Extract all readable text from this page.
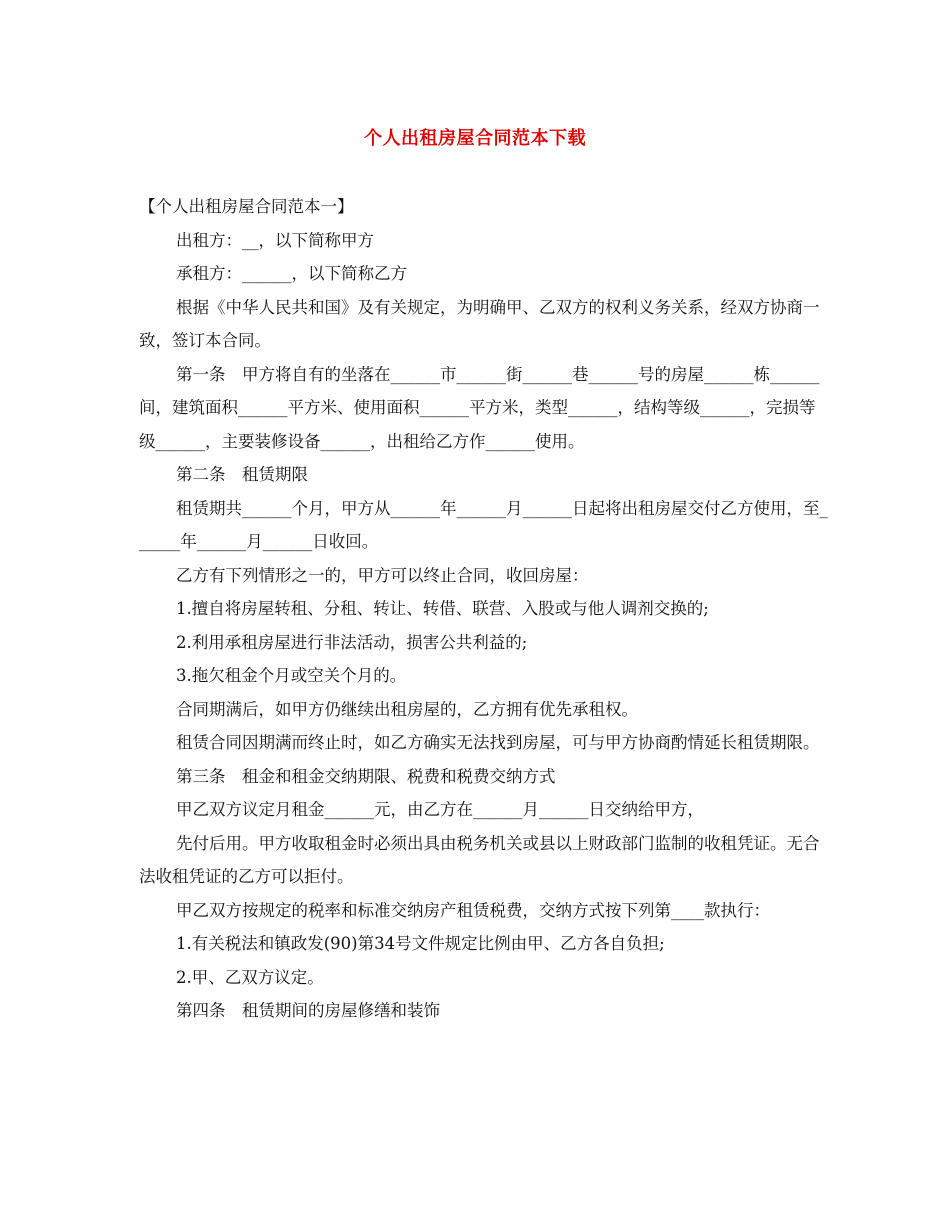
个人出租房屋合同范本下载

【个人出租房屋合同范本一】

出租方：__，以下简称甲方

承租方：______，以下简称乙方

根据《中华人民共和国》及有关规定，为明确甲、乙双方的权利义务关系，经双方协商一致，签订本合同。

第一条　甲方将自有的坐落在______市______街______巷______号的房屋______栋______间，建筑面积______平方米、使用面积______平方米，类型______，结构等级______，完损等级______，主要装修设备______，出租给乙方作______使用。

第二条　租赁期限

租赁期共______个月，甲方从______年______月______日起将出租房屋交付乙方使用，至______年______月______日收回。

乙方有下列情形之一的，甲方可以终止合同，收回房屋：

1.擅自将房屋转租、分租、转让、转借、联营、入股或与他人调剂交换的;

2.利用承租房屋进行非法活动，损害公共利益的;

3.拖欠租金个月或空关个月的。

合同期满后，如甲方仍继续出租房屋的，乙方拥有优先承租权。

租赁合同因期满而终止时，如乙方确实无法找到房屋，可与甲方协商酌情延长租赁期限。

第三条　租金和租金交纳期限、税费和税费交纳方式

甲乙双方议定月租金______元，由乙方在______月______日交纳给甲方，

先付后用。甲方收取租金时必须出具由税务机关或县以上财政部门监制的收租凭证。无合法收租凭证的乙方可以拒付。

甲乙双方按规定的税率和标准交纳房产租赁税费，交纳方式按下列第____款执行：

1.有关税法和镇政发(90)第34号文件规定比例由甲、乙方各自负担;

2.甲、乙双方议定。

第四条　租赁期间的房屋修缮和装饰
